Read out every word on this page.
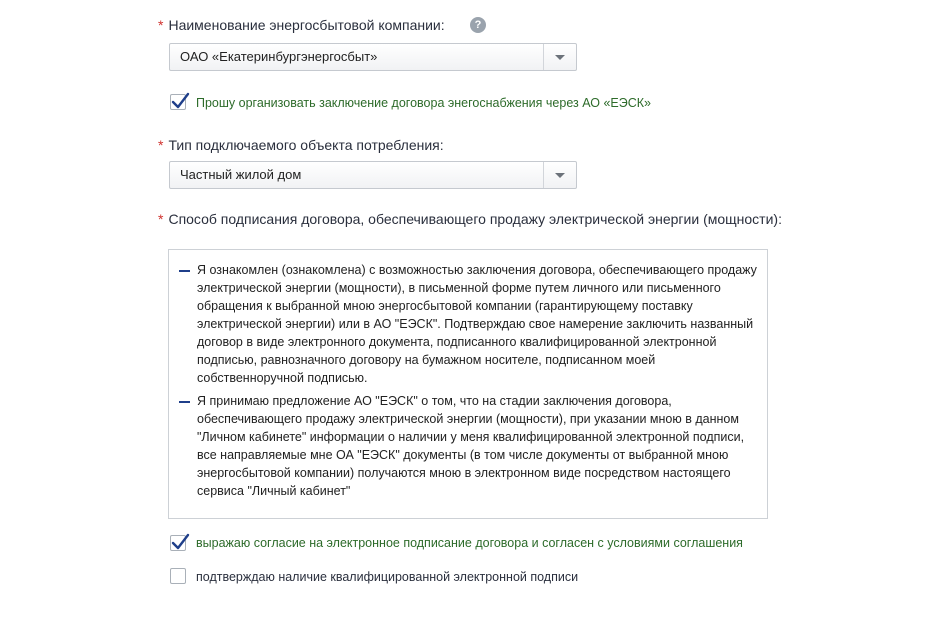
* Наименование энергосбытовой компании:	?
ОАО «Екатеринбургэнергосбыт»
Прошу организовать заключение договора энегоснабжения через АО «ЕЭСК»
* Тип подключаемого объекта потребления:
Частный жилой дом
* Способ подписания договора, обеспечивающего продажу электрической энергии (мощности):
Я ознакомлен (ознакомлена) с возможностью заключения договора, обеспечивающего продажу электрической энергии (мощности), в письменной форме путем личного или письменного обращения к выбранной мною энергосбытовой компании (гарантирующему поставку электрической энергии) или в АО "ЕЭСК". Подтверждаю свое намерение заключить названный договор в виде электронного документа, подписанного квалифицированной электронной подписью, равнозначного договору на бумажном носителе, подписанном моей собственноручной подписью.
Я принимаю предложение АО "ЕЭСК" о том, что на стадии заключения договора, обеспечивающего продажу электрической энергии (мощности), при указании мною в данном "Личном кабинете" информации о наличии у меня квалифицированной электронной подписи, все направляемые мне ОА "ЕЭСК" документы (в том числе документы от выбранной мною энергосбытовой компании) получаются мною в электронном виде посредством настоящего сервиса "Личный кабинет"
выражаю согласие на электронное подписание договора и согласен с условиями соглашения
подтверждаю наличие квалифицированной электронной подписи
